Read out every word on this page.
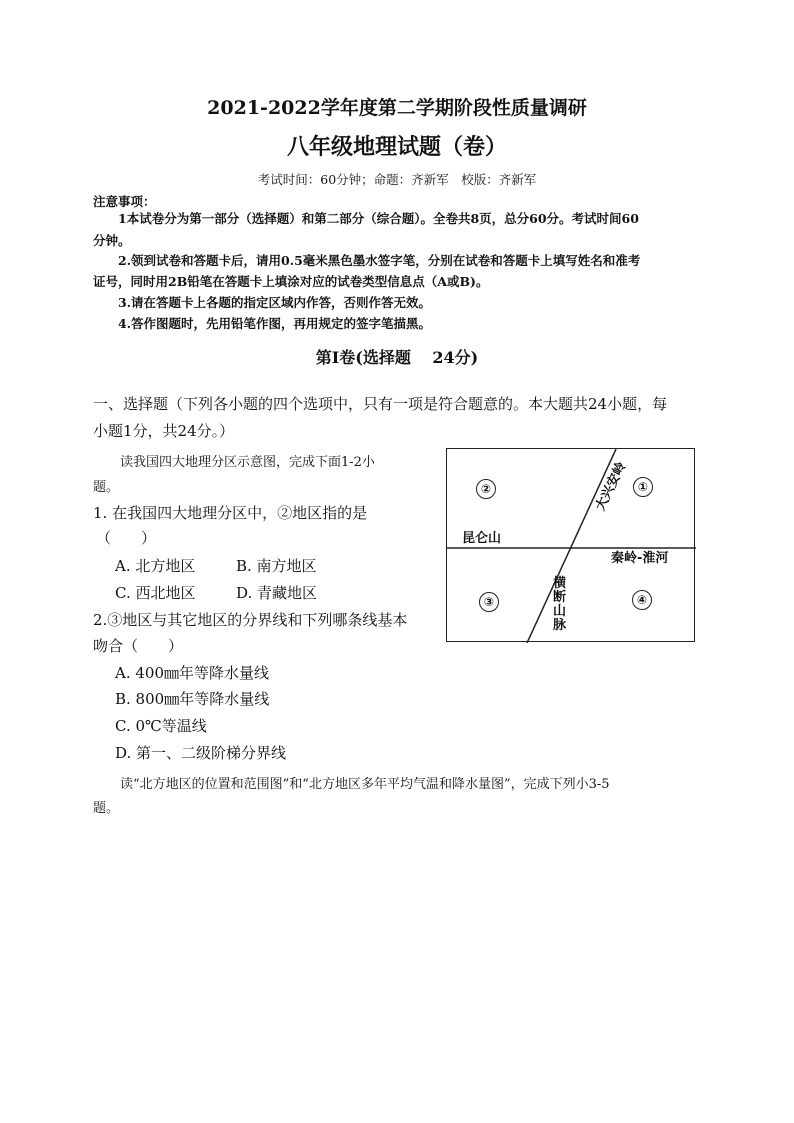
2021-2022学年度第二学期阶段性质量调研
八年级地理试题（卷）
考试时间：60分钟；命题：齐新军　校版：齐新军
注意事项：
1本试卷分为第一部分（选择题）和第二部分（综合题）。全卷共8页，总分60分。考试时间60
分钟。
2.领到试卷和答题卡后，请用0.5毫米黑色墨水签字笔，分别在试卷和答题卡上填写姓名和准考
证号，同时用2B铅笔在答题卡上填涂对应的试卷类型信息点（A或B)。
3.请在答题卡上各题的指定区域内作答，否则作答无效。
4.答作图题时，先用铅笔作图，再用规定的签字笔描黑。
第Ⅰ卷(选择题　 24分)
一、选择题（下列各小题的四个选项中，只有一项是符合题意的。本大题共24小题，每
小题1分，共24分。）
读我国四大地理分区示意图，完成下面1-2小
题。
1. 在我国四大地理分区中，②地区指的是
（　　）
A. 北方地区	B. 南方地区
C. 西北地区	D. 青藏地区
2.③地区与其它地区的分界线和下列哪条线基本
吻合（　　）
A. 400㎜年等降水量线
B. 800㎜年等降水量线
C. 0℃等温线
D. 第一、二级阶梯分界线
读“北方地区的位置和范围图”和“北方地区多年平均气温和降水量图”，完成下列小3-5
题。
②	①
③	④
昆仑山
秦岭-淮河
大兴安岭
横断山脉
